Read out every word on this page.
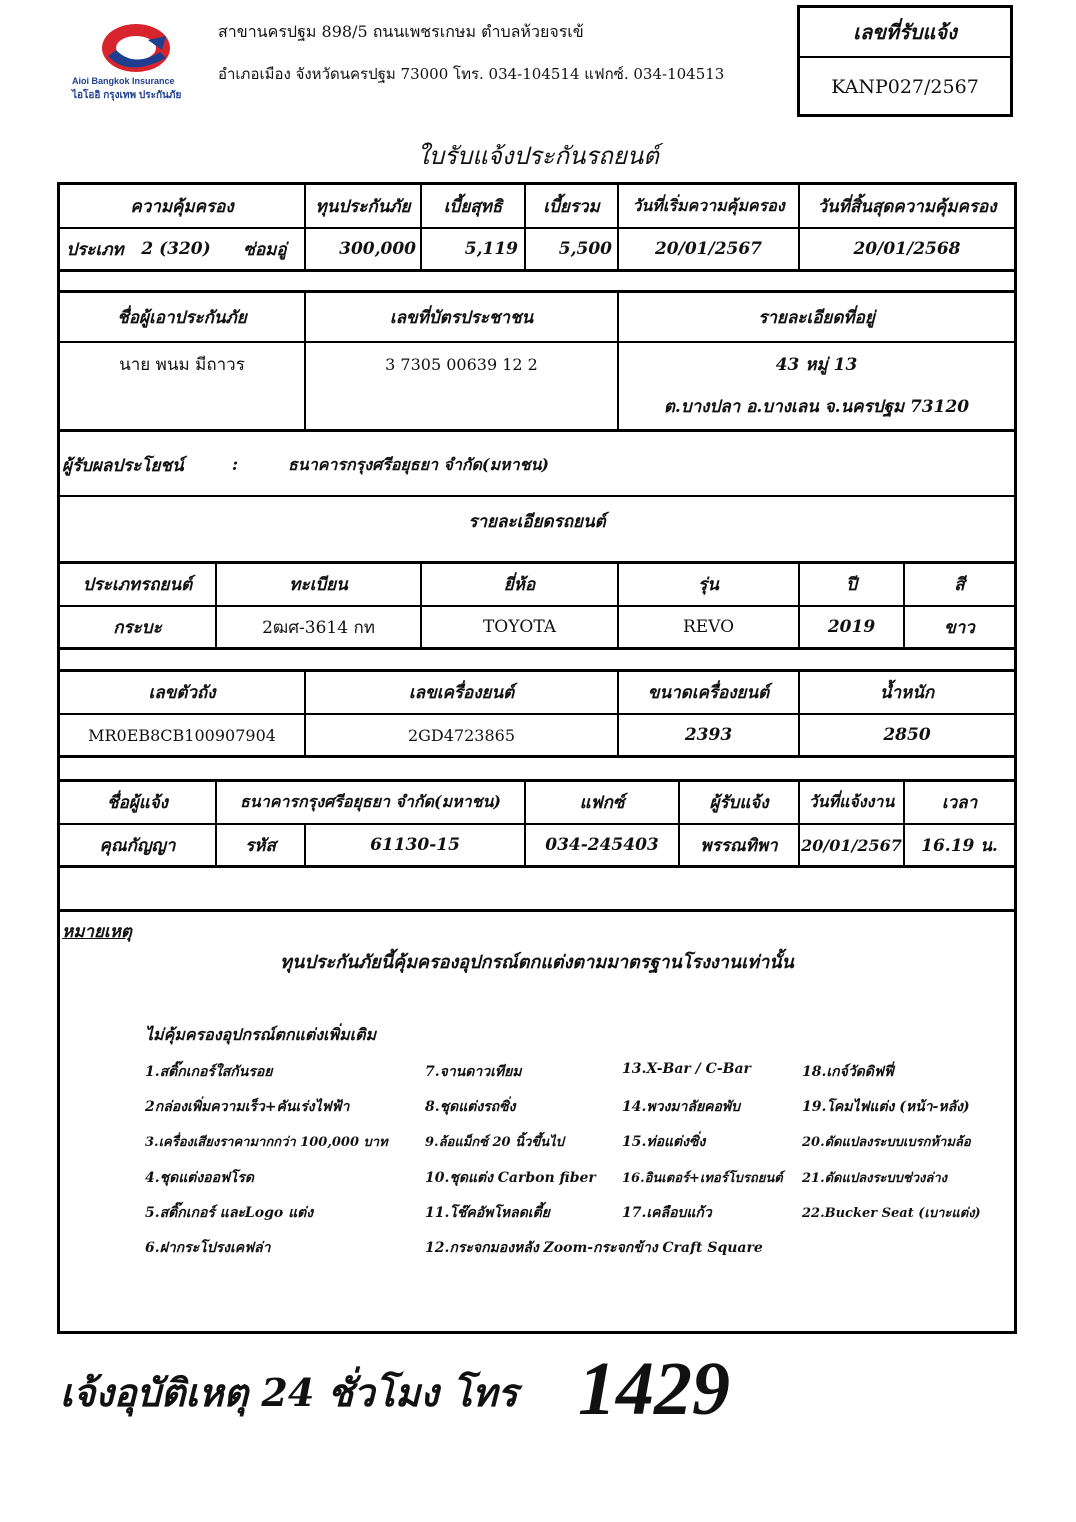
Aioi Bangkok Insurance
ไอโออิ กรุงเทพ ประกันภัย
สาขานครปฐม 898/5 ถนนเพชรเกษม ตำบลห้วยจรเข้
อำเภอเมือง จังหวัดนครปฐม 73000 โทร. 034-104514 แฟกซ์. 034-104513
เลขที่รับแจ้ง
KANP027/2567
ใบรับแจ้งประกันรถยนต์
ความคุ้มครอง	ทุนประกันภัย	เบี้ยสุทธิ	เบี้ยรวม	วันที่เริ่มความคุ้มครอง	วันที่สิ้นสุดความคุ้มครอง
ประเภท	2 (320)	ซ่อมอู่	300,000	5,119	5,500	20/01/2567	20/01/2568
ชื่อผู้เอาประกันภัย	เลขที่บัตรประชาชน	รายละเอียดที่อยู่
นาย พนม มีถาวร	3 7305 00639 12 2	43 หมู่ 13
ต.บางปลา อ.บางเลน จ.นครปฐม 73120
ผู้รับผลประโยชน์	:	ธนาคารกรุงศรีอยุธยา จำกัด(มหาชน)
รายละเอียดรถยนต์
ประเภทรถยนต์	ทะเบียน	ยี่ห้อ	รุ่น	ปี	สี
กระบะ	2ฒศ-3614 กท	TOYOTA	REVO	2019	ขาว
เลขตัวถัง	เลขเครื่องยนต์	ขนาดเครื่องยนต์	น้ำหนัก
MR0EB8CB100907904	2GD4723865	2393	2850
ชื่อผู้แจ้ง	ธนาคารกรุงศรีอยุธยา จำกัด(มหาชน)	แฟกซ์	ผู้รับแจ้ง	วันที่แจ้งงาน	เวลา
คุณกัญญา	รหัส	61130-15	034-245403	พรรณทิพา	20/01/2567	16.19 น.
หมายเหตุ
ทุนประกันภัยนี้คุ้มครองอุปกรณ์ตกแต่งตามมาตรฐานโรงงานเท่านั้น
ไม่คุ้มครองอุปกรณ์ตกแต่งเพิ่มเติม
1.สติ๊กเกอร์ใสกันรอย
2กล่องเพิ่มความเร็ว+คันเร่งไฟฟ้า
3.เครื่องเสียงราคามากกว่า 100,000 บาท
4.ชุดแต่งออฟโรด
5.สติ๊กเกอร์ และLogo แต่ง
6.ฝากระโปรงเคฟล่า
7.จานดาวเทียม
8.ชุดแต่งรถซิ่ง
9.ล้อแม็กซ์ 20 นิ้วขึ้นไป
10.ชุดแต่ง Carbon fiber
11.โช๊คอัพโหลดเตี้ย
12.กระจกมองหลัง Zoom-กระจกข้าง Craft Square
13.X-Bar / C-Bar
14.พวงมาลัยคอพับ
15.ท่อแต่งซิ่ง
16.อินเตอร์+เทอร์โบรถยนต์
17.เคลือบแก้ว
18.เกจ์วัดดิฟฟี่
19.โคมไฟแต่ง (หน้า-หลัง)
20.ดัดแปลงระบบเบรกห้ามล้อ
21.ดัดแปลงระบบช่วงล่าง
22.Bucker Seat (เบาะแต่ง)
เจ้งอุบัติเหตุ 24 ชั่วโมง โทร 1429
